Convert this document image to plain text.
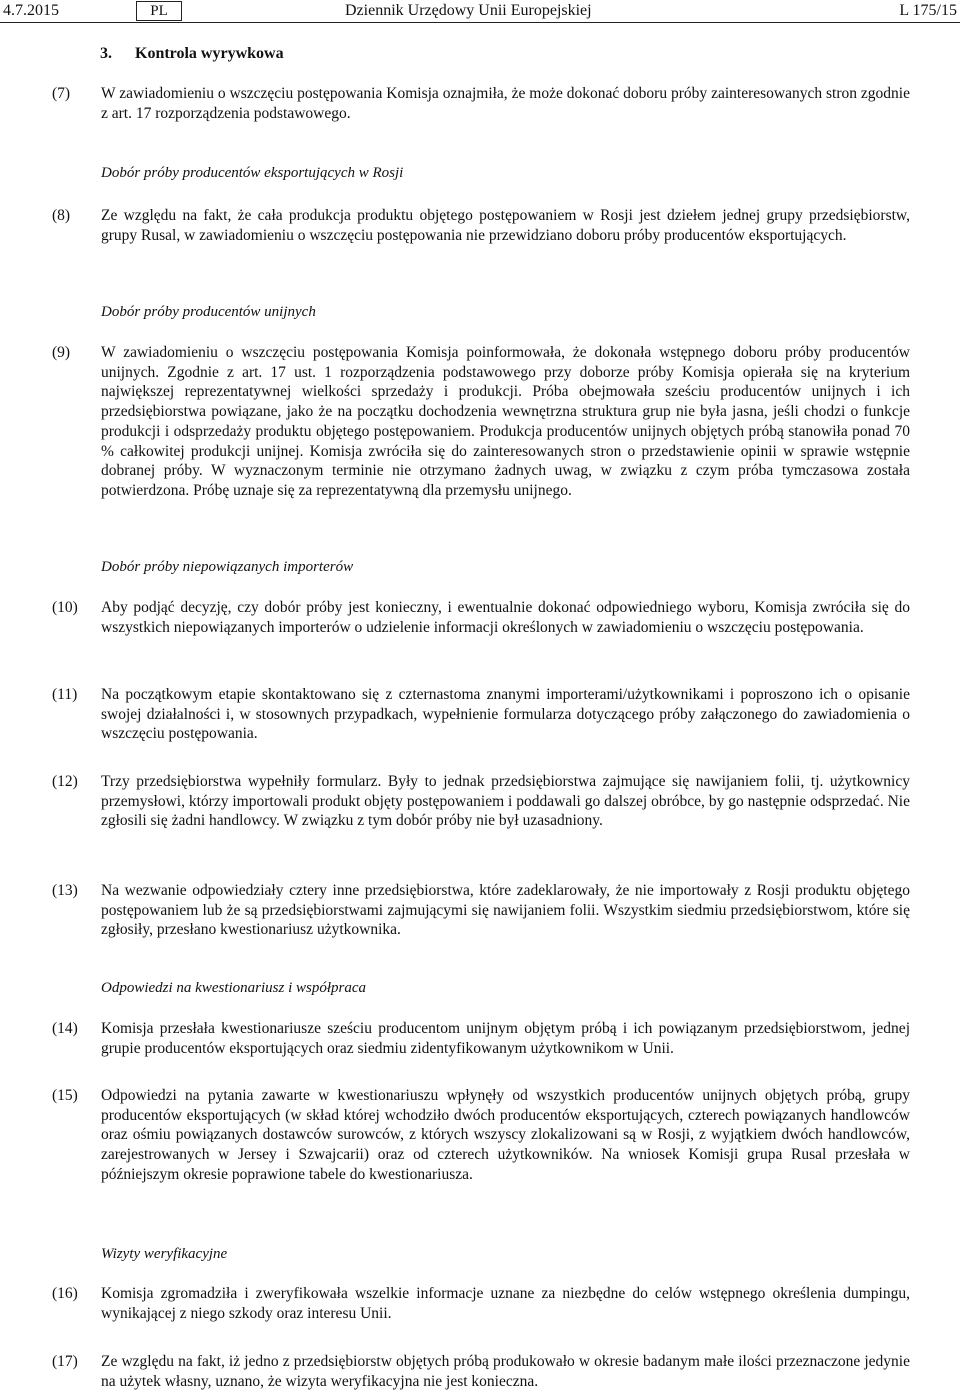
4.7.2015	PL	Dziennik Urzędowy Unii Europejskiej	L 175/15
3. Kontrola wyrywkowa
(7) W zawiadomieniu o wszczęciu postępowania Komisja oznajmiła, że może dokonać doboru próby zainteresowanych stron zgodnie z art. 17 rozporządzenia podstawowego.
Dobór próby producentów eksportujących w Rosji
(8) Ze względu na fakt, że cała produkcja produktu objętego postępowaniem w Rosji jest dziełem jednej grupy przedsiębiorstw, grupy Rusal, w zawiadomieniu o wszczęciu postępowania nie przewidziano doboru próby producentów eksportujących.
Dobór próby producentów unijnych
(9) W zawiadomieniu o wszczęciu postępowania Komisja poinformowała, że dokonała wstępnego doboru próby producentów unijnych. Zgodnie z art. 17 ust. 1 rozporządzenia podstawowego przy doborze próby Komisja opierała się na kryterium największej reprezentatywnej wielkości sprzedaży i produkcji. Próba obejmowała sześciu producentów unijnych i ich przedsiębiorstwa powiązane, jako że na początku dochodzenia wewnętrzna struktura grup nie była jasna, jeśli chodzi o funkcje produkcji i odsprzedaży produktu objętego postępowaniem. Produkcja producentów unijnych objętych próbą stanowiła ponad 70 % całkowitej produkcji unijnej. Komisja zwróciła się do zainteresowanych stron o przedstawienie opinii w sprawie wstępnie dobranej próby. W wyznaczonym terminie nie otrzymano żadnych uwag, w związku z czym próba tymczasowa została potwierdzona. Próbę uznaje się za reprezentatywną dla przemysłu unijnego.
Dobór próby niepowiązanych importerów
(10) Aby podjąć decyzję, czy dobór próby jest konieczny, i ewentualnie dokonać odpowiedniego wyboru, Komisja zwróciła się do wszystkich niepowiązanych importerów o udzielenie informacji określonych w zawiadomieniu o wszczęciu postępowania.
(11) Na początkowym etapie skontaktowano się z czternastoma znanymi importerami/użytkownikami i poproszono ich o opisanie swojej działalności i, w stosownych przypadkach, wypełnienie formularza dotyczącego próby załączonego do zawiadomienia o wszczęciu postępowania.
(12) Trzy przedsiębiorstwa wypełniły formularz. Były to jednak przedsiębiorstwa zajmujące się nawijaniem folii, tj. użytkownicy przemysłowi, którzy importowali produkt objęty postępowaniem i poddawali go dalszej obróbce, by go następnie odsprzedać. Nie zgłosili się żadni handlowcy. W związku z tym dobór próby nie był uzasadniony.
(13) Na wezwanie odpowiedziały cztery inne przedsiębiorstwa, które zadeklarowały, że nie importowały z Rosji produktu objętego postępowaniem lub że są przedsiębiorstwami zajmującymi się nawijaniem folii. Wszystkim siedmiu przedsiębiorstwom, które się zgłosiły, przesłano kwestionariusz użytkownika.
Odpowiedzi na kwestionariusz i współpraca
(14) Komisja przesłała kwestionariusze sześciu producentom unijnym objętym próbą i ich powiązanym przedsiębiorstwom, jednej grupie producentów eksportujących oraz siedmiu zidentyfikowanym użytkownikom w Unii.
(15) Odpowiedzi na pytania zawarte w kwestionariuszu wpłynęły od wszystkich producentów unijnych objętych próbą, grupy producentów eksportujących (w skład której wchodziło dwóch producentów eksportujących, czterech powiązanych handlowców oraz ośmiu powiązanych dostawców surowców, z których wszyscy zlokalizowani są w Rosji, z wyjątkiem dwóch handlowców, zarejestrowanych w Jersey i Szwajcarii) oraz od czterech użytkowników. Na wniosek Komisji grupa Rusal przesłała w późniejszym okresie poprawione tabele do kwestionariusza.
Wizyty weryfikacyjne
(16) Komisja zgromadziła i zweryfikowała wszelkie informacje uznane za niezbędne do celów wstępnego określenia dumpingu, wynikającej z niego szkody oraz interesu Unii.
(17) Ze względu na fakt, iż jedno z przedsiębiorstw objętych próbą produkowało w okresie badanym małe ilości przeznaczone jedynie na użytek własny, uznano, że wizyta weryfikacyjna nie jest konieczna.
